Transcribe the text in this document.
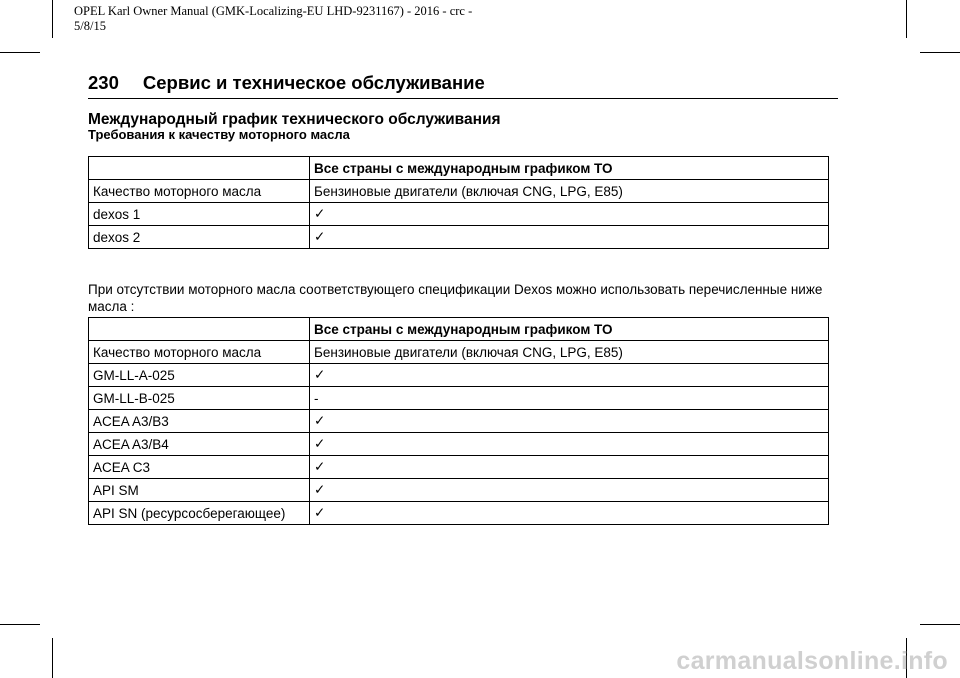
OPEL Karl Owner Manual (GMK-Localizing-EU LHD-9231167) - 2016 - crc -
5/8/15
230 Сервис и техническое обслуживание
Международный график технического обслуживания
Требования к качеству моторного масла
	Все страны с международным графиком ТО
Качество моторного масла	Бензиновые двигатели (включая CNG, LPG, E85)
dexos 1	✓
dexos 2	✓
При отсутствии моторного масла соответствующего спецификации Dexos можно использовать перечисленные ниже масла :
	Все страны с международным графиком ТО
Качество моторного масла	Бензиновые двигатели (включая CNG, LPG, E85)
GM-LL-A-025	✓
GM-LL-B-025	-
ACEA A3/B3	✓
ACEA A3/B4	✓
ACEA C3	✓
API SM	✓
API SN (ресурсосберегающее)	✓
carmanualsonline.info
